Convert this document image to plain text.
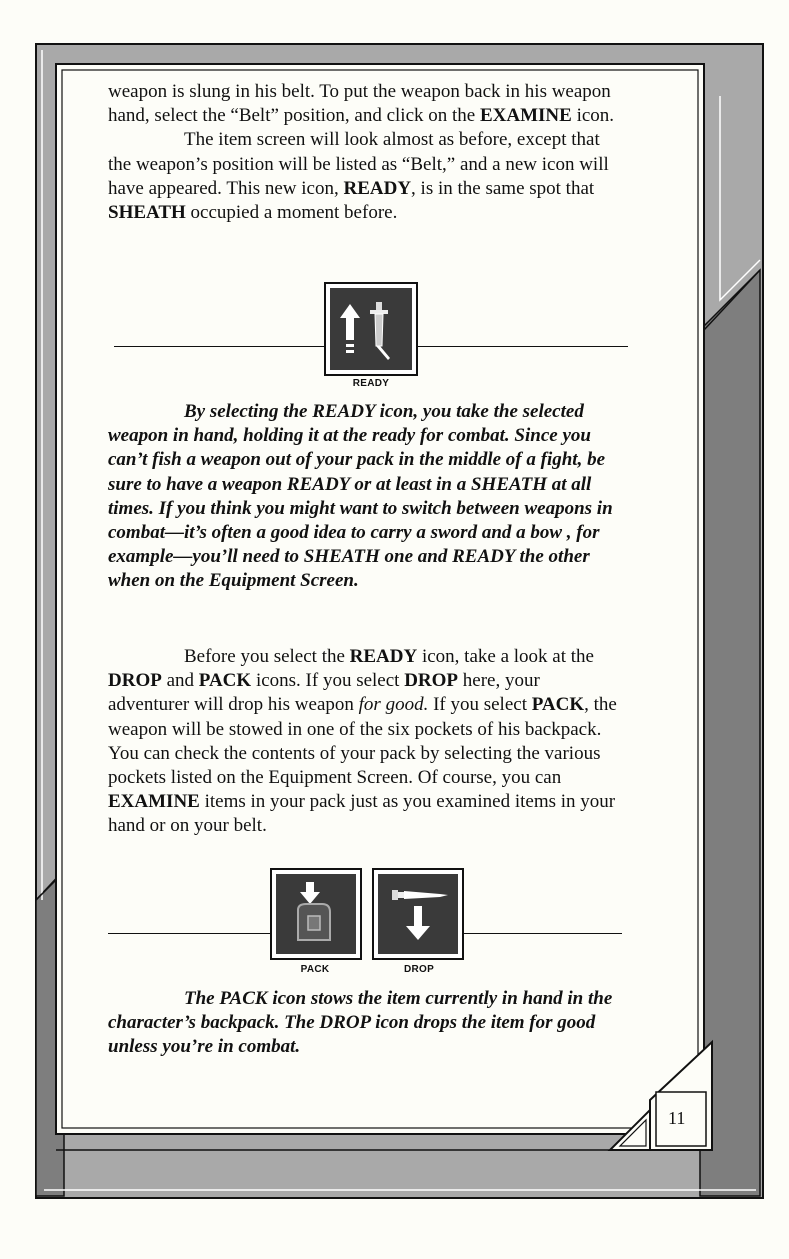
weapon is slung in his belt. To put the weapon back in his weapon hand, select the “Belt” position, and click on the EXAMINE icon.

The item screen will look almost as before, except that the weapon’s position will be listed as “Belt,” and a new icon will have appeared. This new icon, READY, is in the same spot that SHEATH occupied a moment before.

READY

By selecting the READY icon, you take the selected weapon in hand, holding it at the ready for combat. Since you can’t fish a weapon out of your pack in the middle of a fight, be sure to have a weapon READY or at least in a SHEATH at all times. If you think you might want to switch between weapons in combat—it’s often a good idea to carry a sword and a bow , for example—you’ll need to SHEATH one and READY the other when on the Equipment Screen.

Before you select the READY icon, take a look at the DROP and PACK icons. If you select DROP here, your adventurer will drop his weapon for good. If you select PACK, the weapon will be stowed in one of the six pockets of his backpack. You can check the contents of your pack by selecting the various pockets listed on the Equipment Screen. Of course, you can EXAMINE items in your pack just as you examined items in your hand or on your belt.

PACK	DROP

The PACK icon stows the item currently in hand in the character’s backpack. The DROP icon drops the item for good unless you’re in combat.

11
